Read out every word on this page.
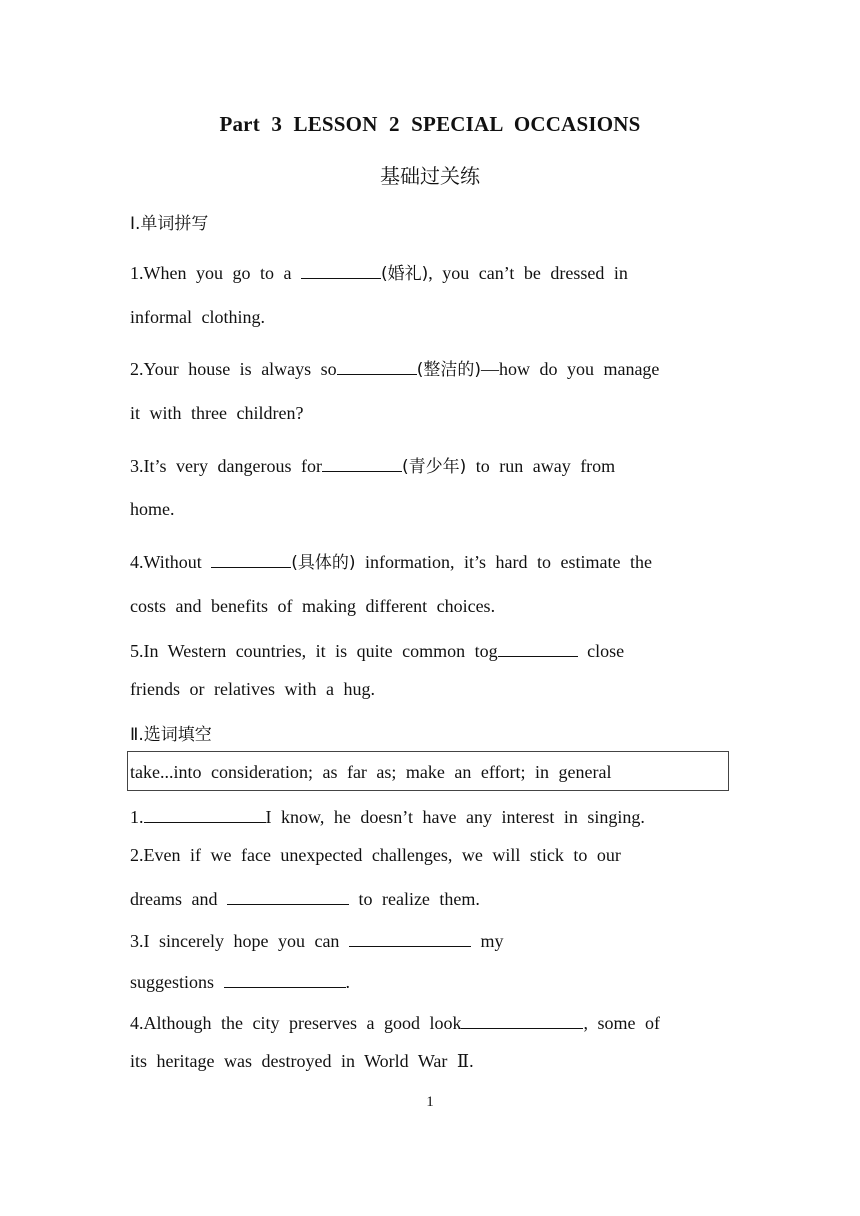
Part 3 LESSON 2 SPECIAL OCCASIONS
基础过关练
Ⅰ.单词拼写
1.When you go to a	(婚礼), you can’t be dressed in
informal clothing.
2.Your house is always so	(整洁的)—how do you manage
it with three children?
3.It’s very dangerous for	(青少年) to run away from
home.
4.Without	(具体的) information, it’s hard to estimate the
costs and benefits of making different choices.
5.In Western countries, it is quite common tog	close
friends or relatives with a hug.
Ⅱ.选词填空
take...into consideration; as far as; make an effort; in general
1.	I know, he doesn’t have any interest in singing.
2.Even if we face unexpected challenges, we will stick to our
dreams and	to realize them.
3.I sincerely hope you can	my
suggestions	.
4.Although the city preserves a good look	, some of
its heritage was destroyed in World War Ⅱ.
1
